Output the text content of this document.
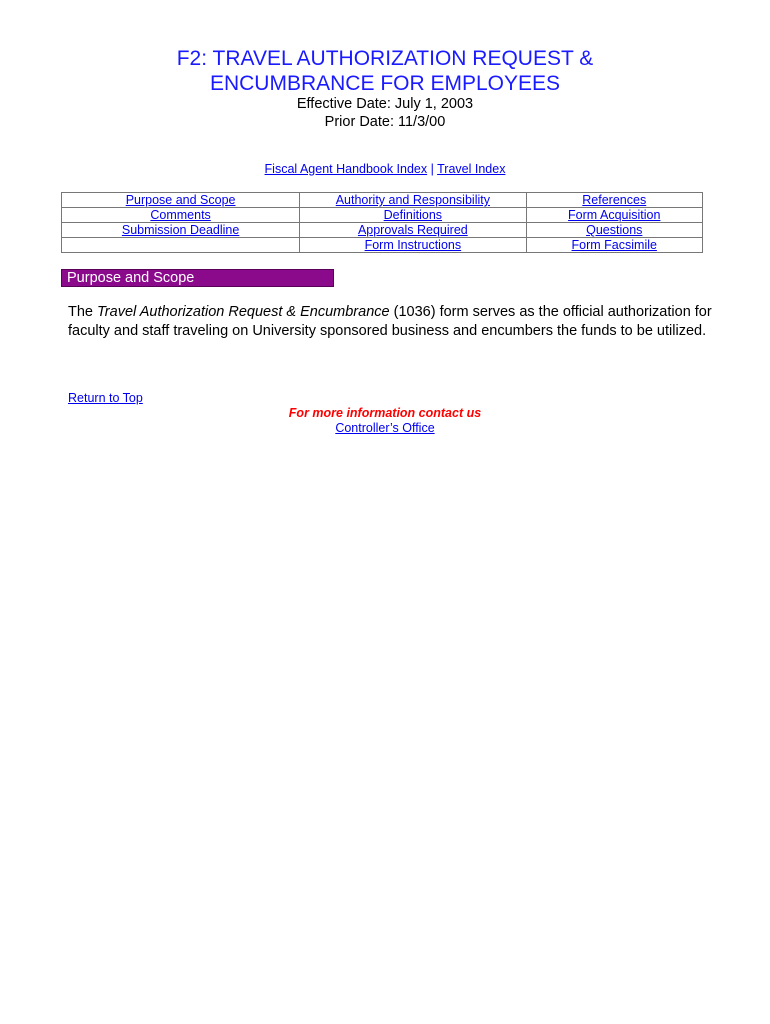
F2: TRAVEL AUTHORIZATION REQUEST &
ENCUMBRANCE FOR EMPLOYEES
Effective Date: July 1, 2003
Prior Date: 11/3/00
Fiscal Agent Handbook Index | Travel Index
Purpose and Scope	Authority and Responsibility	References
Comments	Definitions	Form Acquisition
Submission Deadline	Approvals Required	Questions
	Form Instructions	Form Facsimile
Purpose and Scope
The Travel Authorization Request & Encumbrance (1036) form serves as the official authorization for faculty and staff traveling on University sponsored business and encumbers the funds to be utilized.
Return to Top
For more information contact us
Controller’s Office
